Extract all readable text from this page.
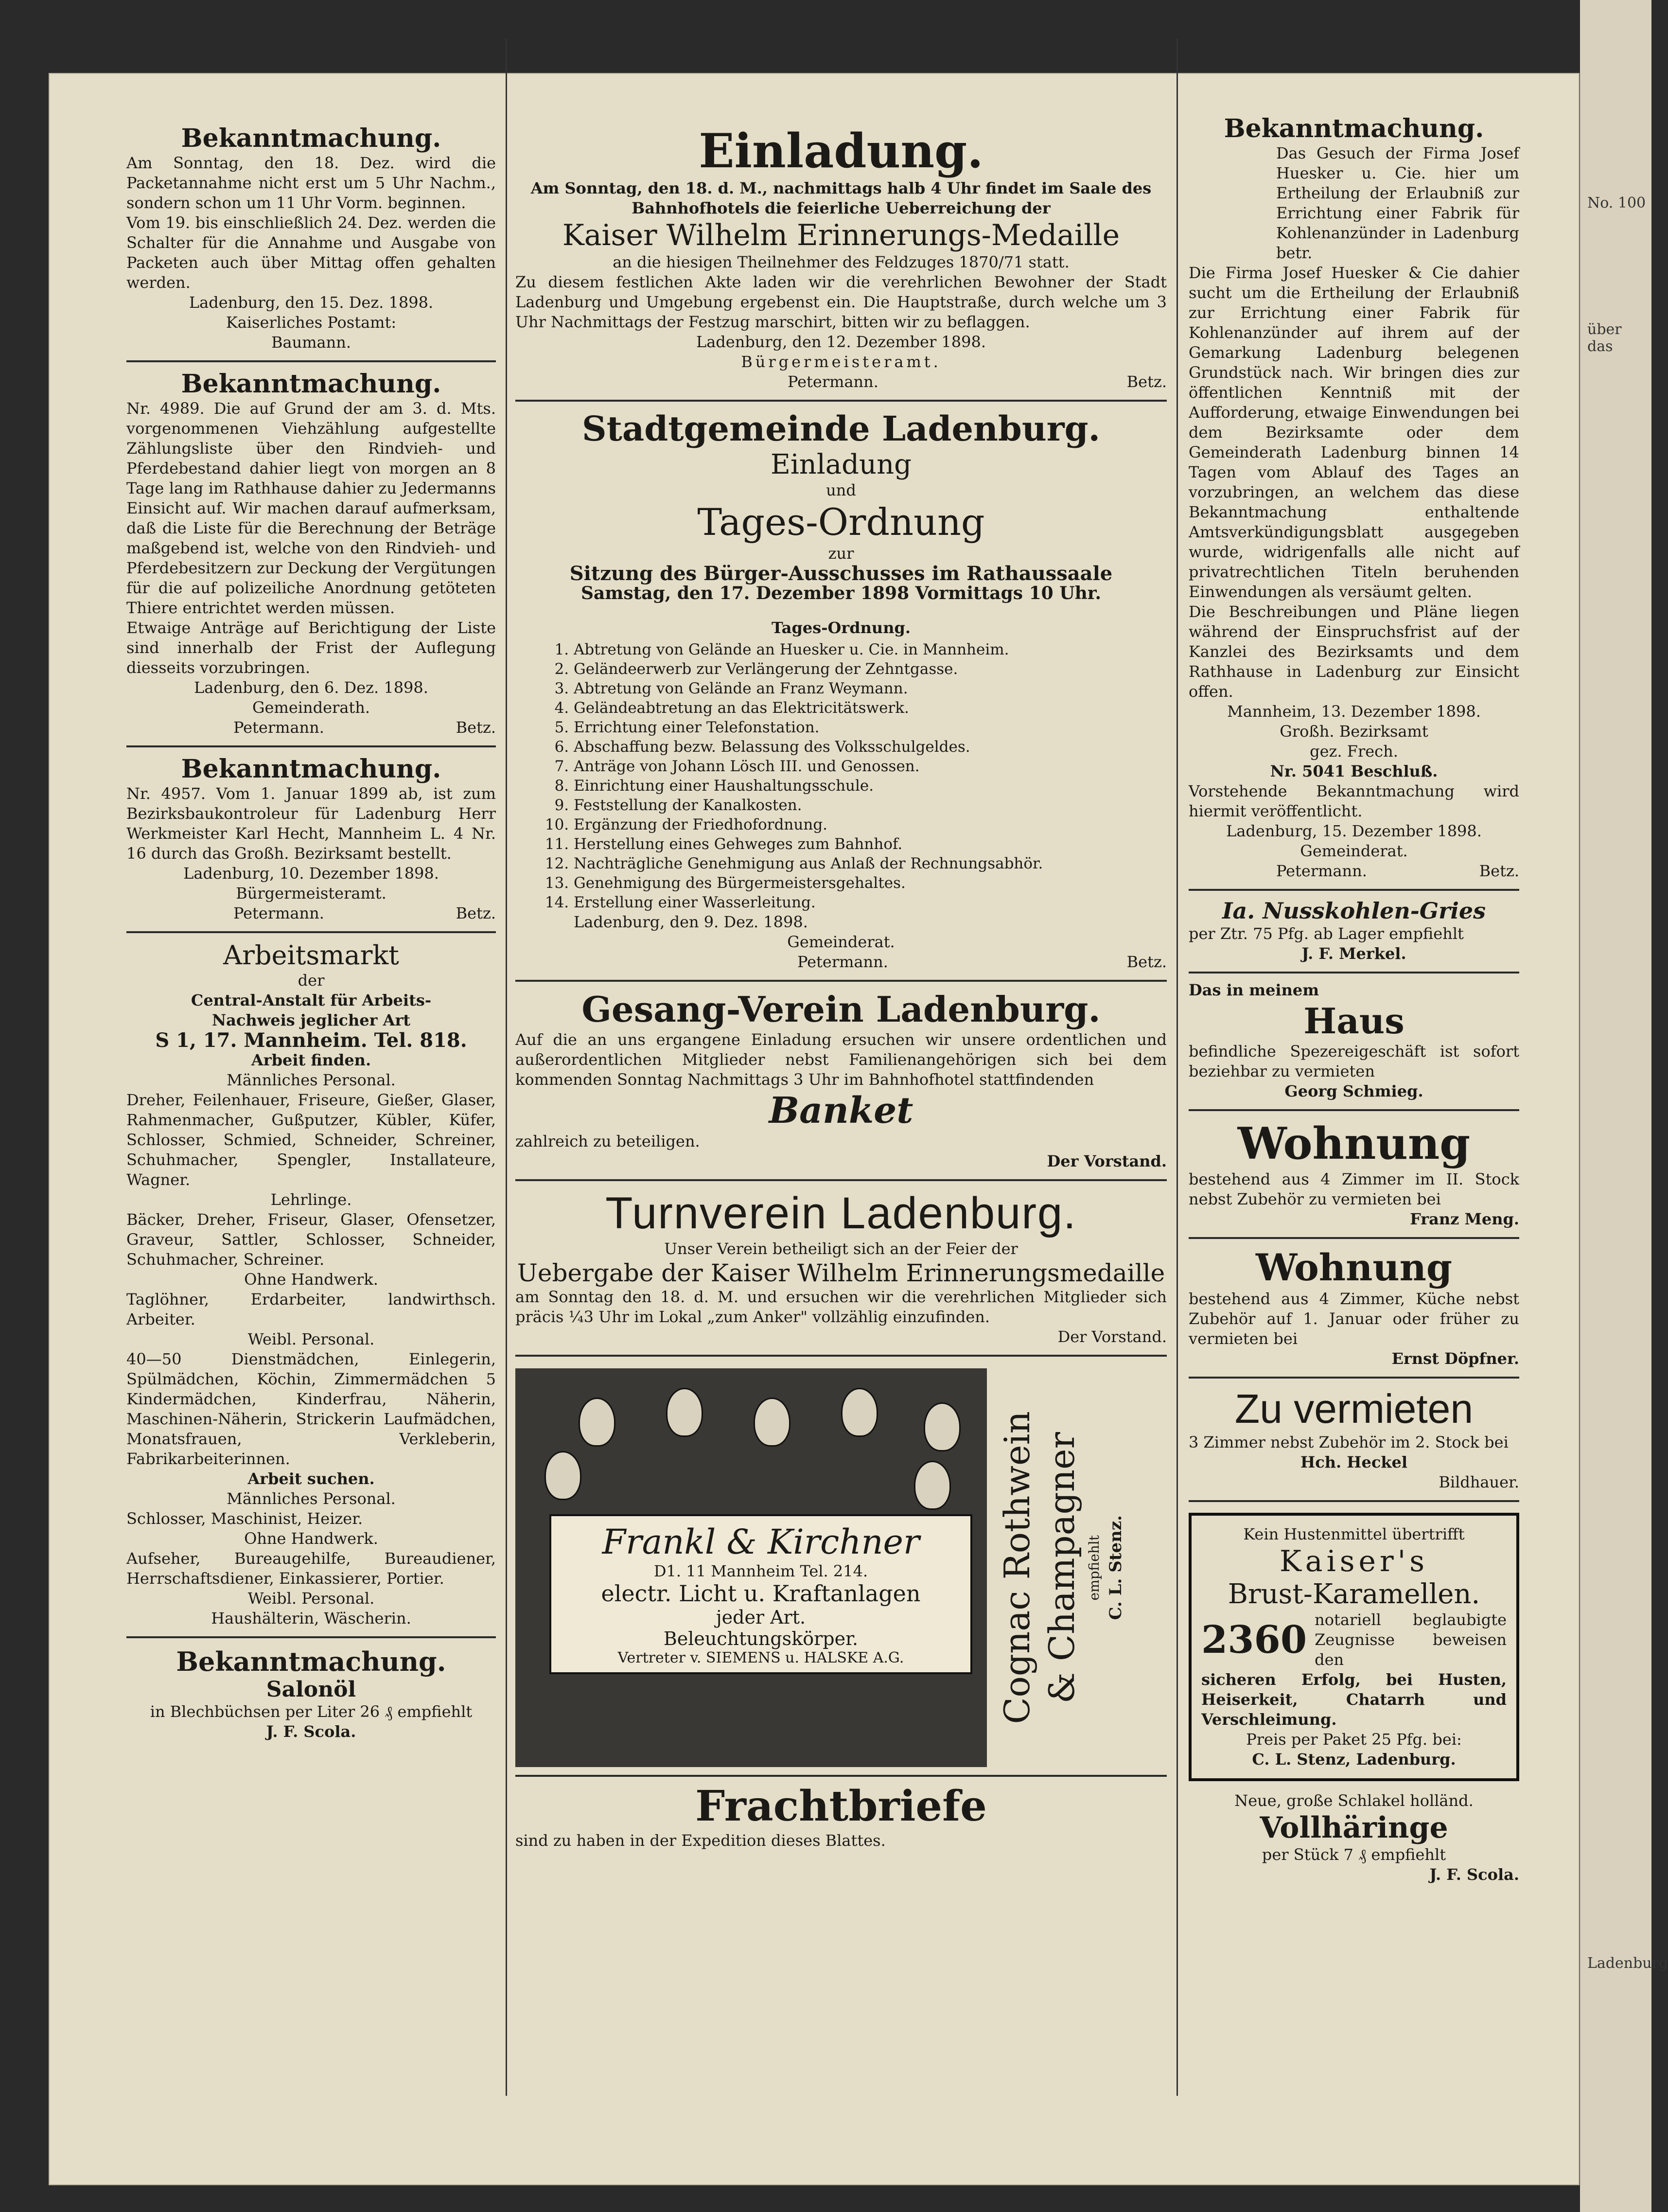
No. 100
über das
Ladenburg
Bekanntmachung.

Am Sonntag, den 18. Dez. wird die Packetannahme nicht erst um 5 Uhr Nachm., sondern schon um 11 Uhr Vorm. beginnen.

Vom 19. bis einschließlich 24. Dez. werden die Schalter für die Annahme und Ausgabe von Packeten auch über Mittag offen gehalten werden.

Ladenburg, den 15. Dez. 1898.

Kaiserliches Postamt:

Baumann.

Bekanntmachung.

Nr. 4989. Die auf Grund der am 3. d. Mts. vorgenommenen Viehzählung aufgestellte Zählungsliste über den Rindvieh- und Pferdebestand dahier liegt von morgen an 8 Tage lang im Rathhause dahier zu Jedermanns Einsicht auf. Wir machen darauf aufmerksam, daß die Liste für die Berechnung der Beträge maßgebend ist, welche von den Rindvieh- und Pferdebesitzern zur Deckung der Vergütungen für die auf polizeiliche Anordnung getöteten Thiere entrichtet werden müssen.

Etwaige Anträge auf Berichtigung der Liste sind innerhalb der Frist der Auflegung diesseits vorzubringen.

Ladenburg, den 6. Dez. 1898.

Gemeinderath.

Petermann.	Betz.
Bekanntmachung.

Nr. 4957. Vom 1. Januar 1899 ab, ist zum Bezirksbaukontroleur für Ladenburg Herr Werkmeister Karl Hecht, Mannheim L. 4 Nr. 16 durch das Großh. Bezirksamt bestellt.

Ladenburg, 10. Dezember 1898.

Bürgermeisteramt.

Petermann.	Betz.
Arbeitsmarkt

der

Central-Anstalt für Arbeits-

Nachweis jeglicher Art

S 1, 17. Mannheim. Tel. 818.

Arbeit finden.

Männliches Personal.

Dreher, Feilenhauer, Friseure, Gießer, Glaser, Rahmenmacher, Gußputzer, Kübler, Küfer, Schlosser, Schmied, Schneider, Schreiner, Schuhmacher, Spengler, Installateure, Wagner.

Lehrlinge.

Bäcker, Dreher, Friseur, Glaser, Ofensetzer, Graveur, Sattler, Schlosser, Schneider, Schuhmacher, Schreiner.

Ohne Handwerk.

Taglöhner, Erdarbeiter, landwirthsch. Arbeiter.

Weibl. Personal.

40—50 Dienstmädchen, Einlegerin, Spülmädchen, Köchin, Zimmermädchen 5 Kindermädchen, Kinderfrau, Näherin, Maschinen-Näherin, Strickerin Laufmädchen, Monatsfrauen, Verkleberin, Fabrikarbeiterinnen.

Arbeit suchen.

Männliches Personal.

Schlosser, Maschinist, Heizer.

Ohne Handwerk.

Aufseher, Bureaugehilfe, Bureaudiener, Herrschaftsdiener, Einkassierer, Portier.

Weibl. Personal.

Haushälterin, Wäscherin.

Bekanntmachung.
Salonöl

in Blechbüchsen per Liter 26 ₰ empfiehlt

J. F. Scola.

Einladung.

Am Sonntag, den 18. d. M., nachmittags halb 4 Uhr findet im Saale des Bahnhofhotels die feierliche Ueberreichung der

Kaiser Wilhelm Erinnerungs-Medaille

an die hiesigen Theilnehmer des Feldzuges 1870/71 statt.

Zu diesem festlichen Akte laden wir die verehrlichen Bewohner der Stadt Ladenburg und Umgebung ergebenst ein. Die Hauptstraße, durch welche um 3 Uhr Nachmittags der Festzug marschirt, bitten wir zu beflaggen.

Ladenburg, den 12. Dezember 1898.

Bürgermeisteramt.

Petermann.	Betz.
Stadtgemeinde Ladenburg.
Einladung

und

Tages-Ordnung

zur

Sitzung des Bürger-Ausschusses im Rathaussaale

Samstag, den 17. Dezember 1898 Vormittags 10 Uhr.

Tages-Ordnung.

1. Abtretung von Gelände an Huesker u. Cie. in Mannheim.
2. Geländeerwerb zur Verlängerung der Zehntgasse.
3. Abtretung von Gelände an Franz Weymann.
4. Geländeabtretung an das Elektricitätswerk.
5. Errichtung einer Telefonstation.
6. Abschaffung bezw. Belassung des Volksschulgeldes.
7. Anträge von Johann Lösch III. und Genossen.
8. Einrichtung einer Haushaltungsschule.
9. Feststellung der Kanalkosten.
10. Ergänzung der Friedhofordnung.
11. Herstellung eines Gehweges zum Bahnhof.
12. Nachträgliche Genehmigung aus Anlaß der Rechnungsabhör.
13. Genehmigung des Bürgermeistersgehaltes.
14. Erstellung einer Wasserleitung.

Ladenburg, den 9. Dez. 1898.

Gemeinderat.

Petermann.	Betz.
Gesang-Verein Ladenburg.

Auf die an uns ergangene Einladung ersuchen wir unsere ordentlichen und außerordentlichen Mitglieder nebst Familienangehörigen sich bei dem kommenden Sonntag Nachmittags 3 Uhr im Bahnhofhotel stattfindenden

Banket

zahlreich zu beteiligen.

Der Vorstand.

Turnverein Ladenburg.

Unser Verein betheiligt sich an der Feier der

Uebergabe der Kaiser Wilhelm Erinnerungsmedaille

am Sonntag den 18. d. M. und ersuchen wir die verehrlichen Mitglieder sich präcis ¼3 Uhr im Lokal „zum Anker" vollzählig einzufinden.

Der Vorstand.

Frankl & Kirchner
D1. 11 Mannheim Tel. 214.
electr. Licht u. Kraftanlagen
jeder Art.
Beleuchtungskörper.
Vertreter v. SIEMENS u. HALSKE A.G.	Cognac Rothwein & Champagner empfiehlt C. L. Stenz.
Frachtbriefe

sind zu haben in der Expedition dieses Blattes.

Bekanntmachung.

Das Gesuch der Firma Josef Huesker u. Cie. hier um Ertheilung der Erlaubniß zur Errichtung einer Fabrik für Kohlenanzünder in Ladenburg betr.

Die Firma Josef Huesker & Cie dahier sucht um die Ertheilung der Erlaubniß zur Errichtung einer Fabrik für Kohlenanzünder auf ihrem auf der Gemarkung Ladenburg belegenen Grundstück nach. Wir bringen dies zur öffentlichen Kenntniß mit der Aufforderung, etwaige Einwendungen bei dem Bezirksamte oder dem Gemeinderath Ladenburg binnen 14 Tagen vom Ablauf des Tages an vorzubringen, an welchem das diese Bekanntmachung enthaltende Amtsverkündigungsblatt ausgegeben wurde, widrigenfalls alle nicht auf privatrechtlichen Titeln beruhenden Einwendungen als versäumt gelten.

Die Beschreibungen und Pläne liegen während der Einspruchsfrist auf der Kanzlei des Bezirksamts und dem Rathhause in Ladenburg zur Einsicht offen.

Mannheim, 13. Dezember 1898.

Großh. Bezirksamt

gez. Frech.

Nr. 5041 Beschluß.

Vorstehende Bekanntmachung wird hiermit veröffentlicht.

Ladenburg, 15. Dezember 1898.

Gemeinderat.

Petermann.	Betz.
Ia. Nusskohlen-Gries

per Ztr. 75 Pfg. ab Lager empfiehlt

J. F. Merkel.

Das in meinem

Haus

befindliche Spezereigeschäft ist sofort beziehbar zu vermieten

Georg Schmieg.

Wohnung

bestehend aus 4 Zimmer im II. Stock nebst Zubehör zu vermieten bei

Franz Meng.

Wohnung

bestehend aus 4 Zimmer, Küche nebst Zubehör auf 1. Januar oder früher zu vermieten bei

Ernst Döpfner.

Zu vermieten

3 Zimmer nebst Zubehör im 2. Stock bei

Hch. Heckel

Bildhauer.

Kein Hustenmittel übertrifft

Kaiser's
Brust-Karamellen.
2360 notariell beglaubigte Zeugnisse beweisen den

sicheren Erfolg, bei Husten, Heiserkeit, Chatarrh und Verschleimung.

Preis per Paket 25 Pfg. bei:

C. L. Stenz, Ladenburg.

Neue, große Schlakel holländ.

Vollhäringe

per Stück 7 ₰ empfiehlt

J. F. Scola.
